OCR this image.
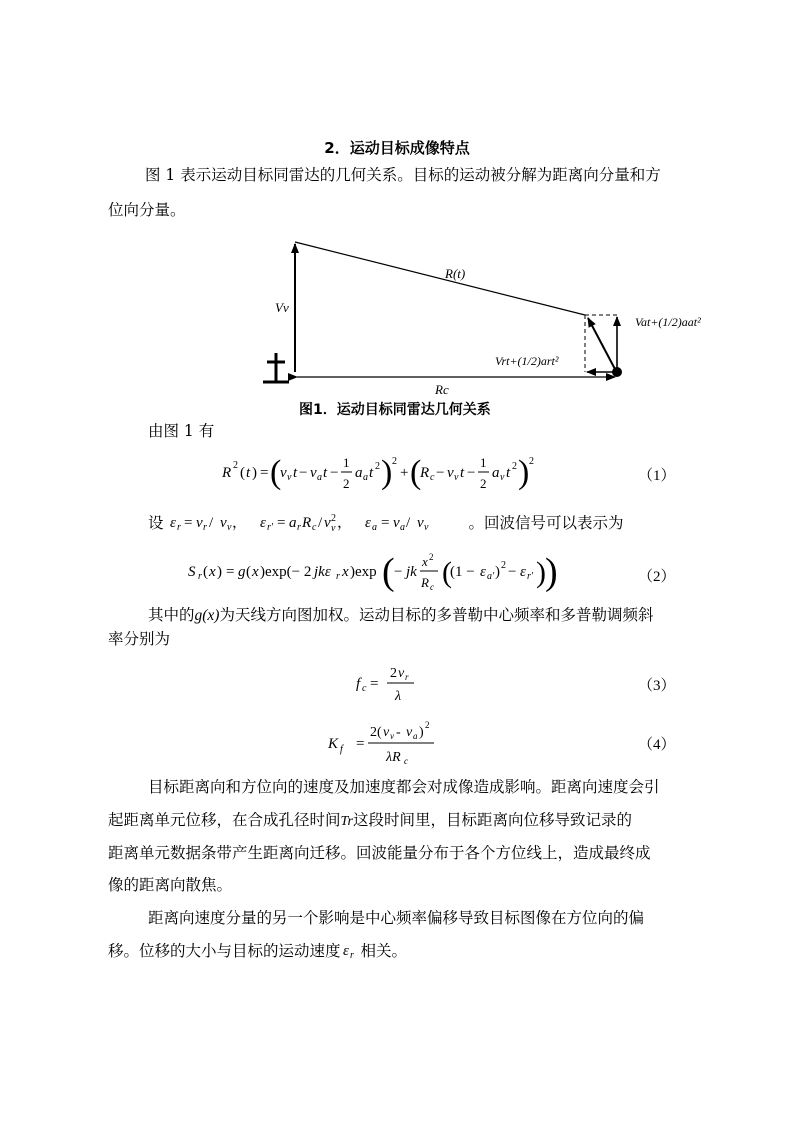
2．运动目标成像特点
图 1 表示运动目标同雷达的几何关系。目标的运动被分解为距离向分量和方
位向分量。
Vv
R(t)
Vat+(1/2)aat²
Vrt+(1/2)art²
Rc
图1．运动目标同雷达几何关系
由图 1 有
R 2 ( t ) = (
v v t − v a t −
1
2
a a t 2 ) 2
+ (
R c − v v t −
1
2
a v t 2 ) 2
（1）
设 ε r = v r / v v ， ε r' = a r R c / v 2
v ， ε a = v a / v v	。回波信号可以表示为
S r ( x ) = g ( x )exp(− 2 jkε r x )exp ( − jk
x 2
R c (
(1 − ε a' ) 2 − ε r' ) )	（2）
其中的g(x)为天线方向图加权。运动目标的多普勒中心频率和多普勒调频斜
率分别为
f c =
2 v r
λ
（3）
K f =
2( v v - v a ) 2
λR c
（4）
目标距离向和方位向的速度及加速度都会对成像造成影响。距离向速度会引
起距离单元位移，在合成孔径时间Tr这段时间里，目标距离向位移导致记录的
距离单元数据条带产生距离向迁移。回波能量分布于各个方位线上，造成最终成
像的距离向散焦。
距离向速度分量的另一个影响是中心频率偏移导致目标图像在方位向的偏
移。位移的大小与目标的运动速度 ε r 相关。
